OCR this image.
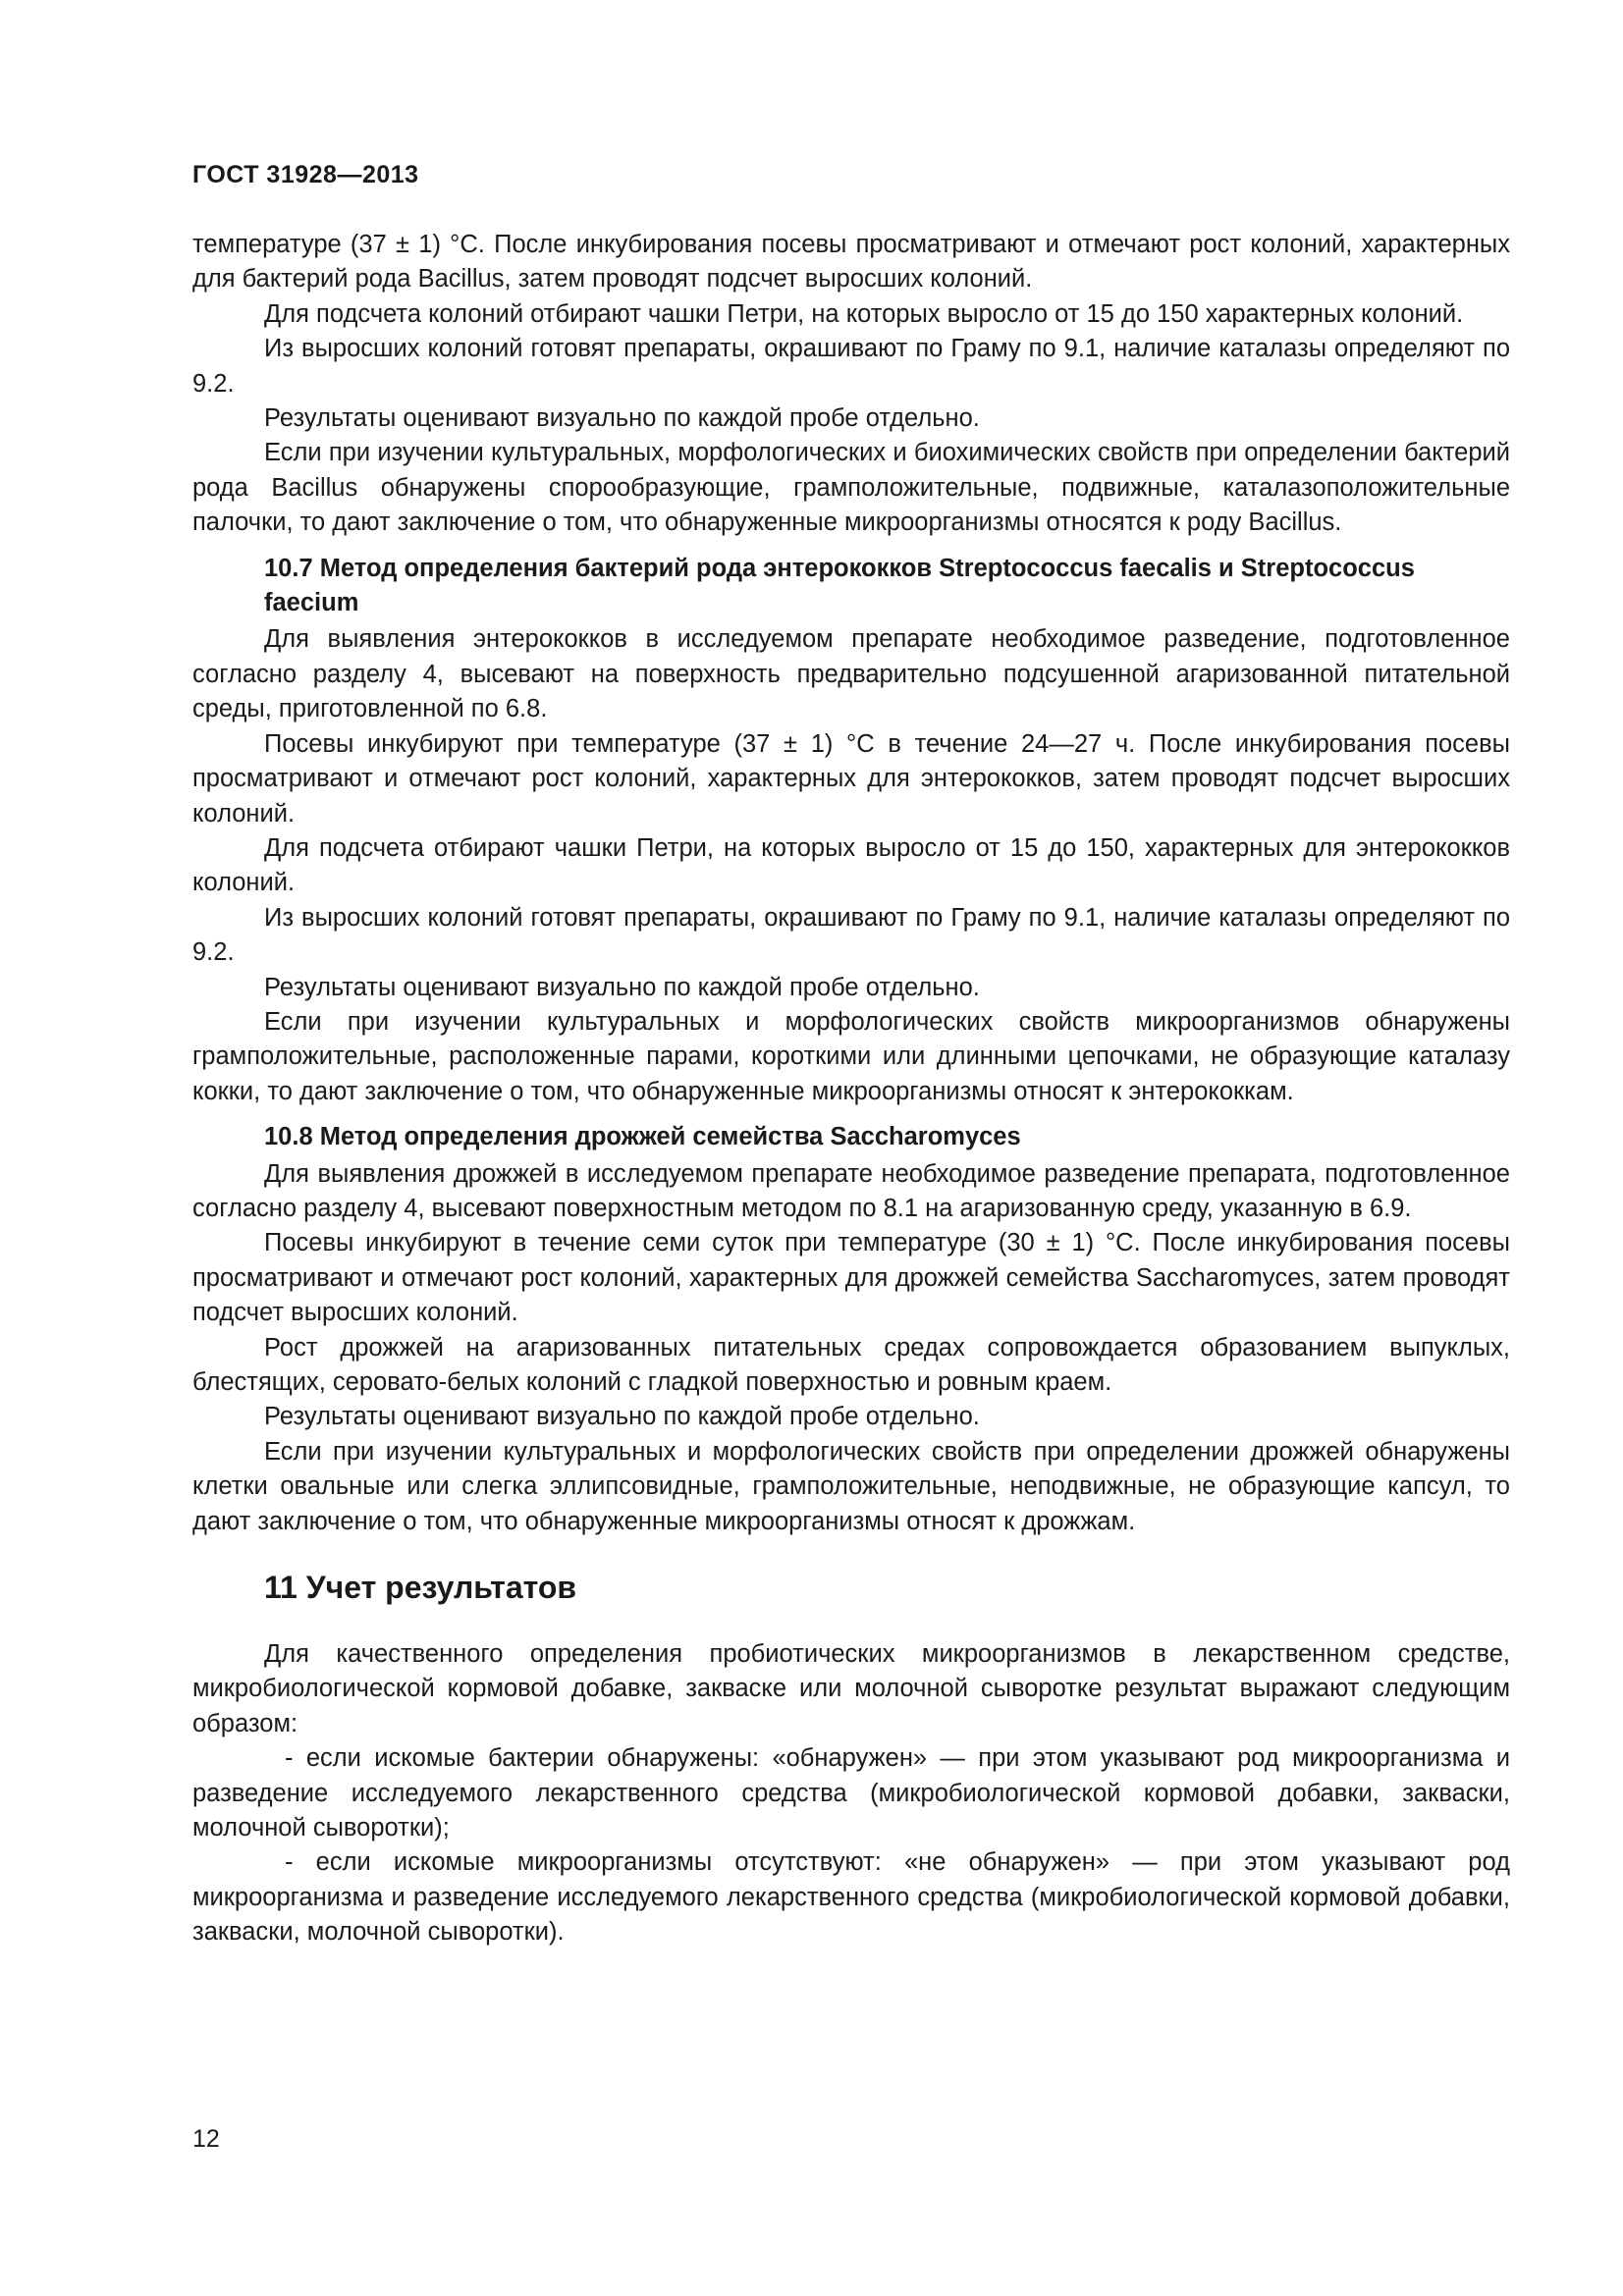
ГОСТ 31928—2013

температуре (37 ± 1) °С. После инкубирования посевы просматривают и отмечают рост колоний, характерных для бактерий рода Bacillus, затем проводят подсчет выросших колоний.

Для подсчета колоний отбирают чашки Петри, на которых выросло от 15 до 150 характерных колоний.

Из выросших колоний готовят препараты, окрашивают по Граму по 9.1, наличие каталазы определяют по 9.2.

Результаты оценивают визуально по каждой пробе отдельно.

Если при изучении культуральных, морфологических и биохимических свойств при определении бактерий рода Bacillus обнаружены спорообразующие, грамположительные, подвижные, каталазоположительные палочки, то дают заключение о том, что обнаруженные микроорганизмы относятся к роду Bacillus.

10.7 Метод определения бактерий рода энтерококков Streptococcus faecalis и Streptococcus faecium

Для выявления энтерококков в исследуемом препарате необходимое разведение, подготовленное согласно разделу 4, высевают на поверхность предварительно подсушенной агаризованной питательной среды, приготовленной по 6.8.

Посевы инкубируют при температуре (37 ± 1) °С в течение 24—27 ч. После инкубирования посевы просматривают и отмечают рост колоний, характерных для энтерококков, затем проводят подсчет выросших колоний.

Для подсчета отбирают чашки Петри, на которых выросло от 15 до 150, характерных для энтерококков колоний.

Из выросших колоний готовят препараты, окрашивают по Граму по 9.1, наличие каталазы определяют по 9.2.

Результаты оценивают визуально по каждой пробе отдельно.

Если при изучении культуральных и морфологических свойств микроорганизмов обнаружены грамположительные, расположенные парами, короткими или длинными цепочками, не образующие каталазу кокки, то дают заключение о том, что обнаруженные микроорганизмы относят к энтерококкам.

10.8 Метод определения дрожжей семейства Saccharomyces

Для выявления дрожжей в исследуемом препарате необходимое разведение препарата, подготовленное согласно разделу 4, высевают поверхностным методом по 8.1 на агаризованную среду, указанную в 6.9.

Посевы инкубируют в течение семи суток при температуре (30 ± 1) °С. После инкубирования посевы просматривают и отмечают рост колоний, характерных для дрожжей семейства Saccharomyces, затем проводят подсчет выросших колоний.

Рост дрожжей на агаризованных питательных средах сопровождается образованием выпуклых, блестящих, серовато-белых колоний с гладкой поверхностью и ровным краем.

Результаты оценивают визуально по каждой пробе отдельно.

Если при изучении культуральных и морфологических свойств при определении дрожжей обнаружены клетки овальные или слегка эллипсовидные, грамположительные, неподвижные, не образующие капсул, то дают заключение о том, что обнаруженные микроорганизмы относят к дрожжам.

11 Учет результатов

Для качественного определения пробиотических микроорганизмов в лекарственном средстве, микробиологической кормовой добавке, закваске или молочной сыворотке результат выражают следующим образом:

- если искомые бактерии обнаружены: «обнаружен» — при этом указывают род микроорганизма и разведение исследуемого лекарственного средства (микробиологической кормовой добавки, закваски, молочной сыворотки);

- если искомые микроорганизмы отсутствуют: «не обнаружен» — при этом указывают род микроорганизма и разведение исследуемого лекарственного средства (микробиологической кормовой добавки, закваски, молочной сыворотки).

12
